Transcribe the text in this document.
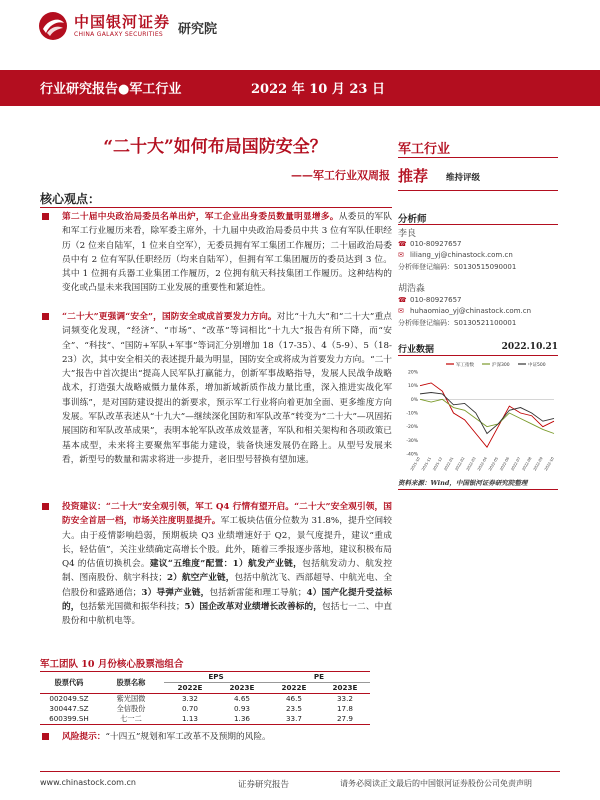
中国银河证券
CHINA GALAXY SECURITIES	研究院
行业研究报告●军工行业	2022 年 10 月 23 日
“二十大”如何布局国防安全？
——军工行业双周报
核心观点：
第二十届中央政治局委员名单出炉，军工企业出身委员数量明显增多。从委员的军队和军工行业履历来看，除军委主席外，十九届中央政治局委员中共 3 位有军队任职经历（2 位来自陆军，1 位来自空军），无委员拥有军工集团工作履历；二十届政治局委员中有 2 位有军队任职经历（均来自陆军），但拥有军工集团履历的委员达到 3 位。其中 1 位拥有兵器工业集团工作履历，2 位拥有航天科技集团工作履历。这种结构的变化或凸显未来我国国防工业发展的重要性和紧迫性。
“二十大”更强调“安全”，国防安全或成首要发力方向。对比“十九大”和“二十大”重点词频变化发现，“经济”、“市场”、“改革”等词相比“十九大”报告有所下降，而“安全”、“科技”、“国防+军队+军事”等词汇分别增加 18（17-35）、4（5-9）、5（18-23）次，其中安全相关的表述提升最为明显，国防安全或将成为首要发力方向。“二十大”报告中首次提出“提高人民军队打赢能力，创新军事战略指导，发展人民战争战略战术，打造强大战略威慑力量体系，增加新域新质作战力量比重，深入推进实战化军事训练”，是对国防建设提出的新要求，预示军工行业将向着更加全面、更多维度方向发展。军队改革表述从“十九大”—继续深化国防和军队改革”转变为“二十大”—巩固拓展国防和军队改革成果”，表明本轮军队改革成效显著，军队和相关架构和各项政策已基本成型，未来将主要聚焦军事能力建设，装备快速发展仍在路上。从型号发展来看，新型号的数量和需求将进一步提升，老旧型号替换有望加速。
投资建议：“二十大”安全观引领，军工 Q4 行情有望开启。“二十大”安全观引领，国防安全首居一档，市场关注度明显提升。军工板块估值分位数为 31.8%，提升空间较大。由于疫情影响趋弱，预期板块 Q3 业绩增速好于 Q2，景气度提升，建议“重成长，轻估值”，关注业绩确定高增长个股。此外，随着三季报逐步落地，建议积极布局 Q4 的估值切换机会。建议“五维度”配置：1）航发产业链，包括航发动力、航发控制、图南股份、航宇科技；2）航空产业链，包括中航沈飞、西部超导、中航光电、全信股份和盛路通信；3）导弹产业链，包括新雷能和理工导航；4）国产化提升受益标的，包括紫光国微和振华科技；5）国企改革对业绩增长改善标的，包括七一二、中直股份和中航机电等。
军工行业
推荐 维持评级
分析师
李良
☎ 010-80927657
✉ liliang_yj@chinastock.com.cn
分析师登记编码：S0130515090001
胡浩淼
☎ 010-80927657
✉ huhaomiao_yj@chinastock.com.cn
分析师登记编码：S0130521100001
行业数据	2022.10.21
军工指数	沪深300	中证500
20%
10%
0%
-10%
-20%
-30%
-40%
2021-10 2021-11 2021-12 2022-01 2022-02 2022-03 2022-04 2022-05 2022-06 2022-07 2022-08 2022-09 2022-10
资料来源：Wind，中国银河证券研究院整理
军工团队 10 月份核心股票池组合
股票代码	股票名称	EPS		PE	
		2022E	2023E	2022E	2023E
002049.SZ	紫光国微	3.32	4.65	46.5	33.2
300447.SZ	全信股份	0.70	0.93	23.5	17.8
600399.SH	七一二	1.13	1.36	33.7	27.9
风险提示：“十四五”规划和军工改革不及预期的风险。
www.chinastock.com.cn	证券研究报告	请务必阅读正文最后的中国银河证券股份公司免责声明
